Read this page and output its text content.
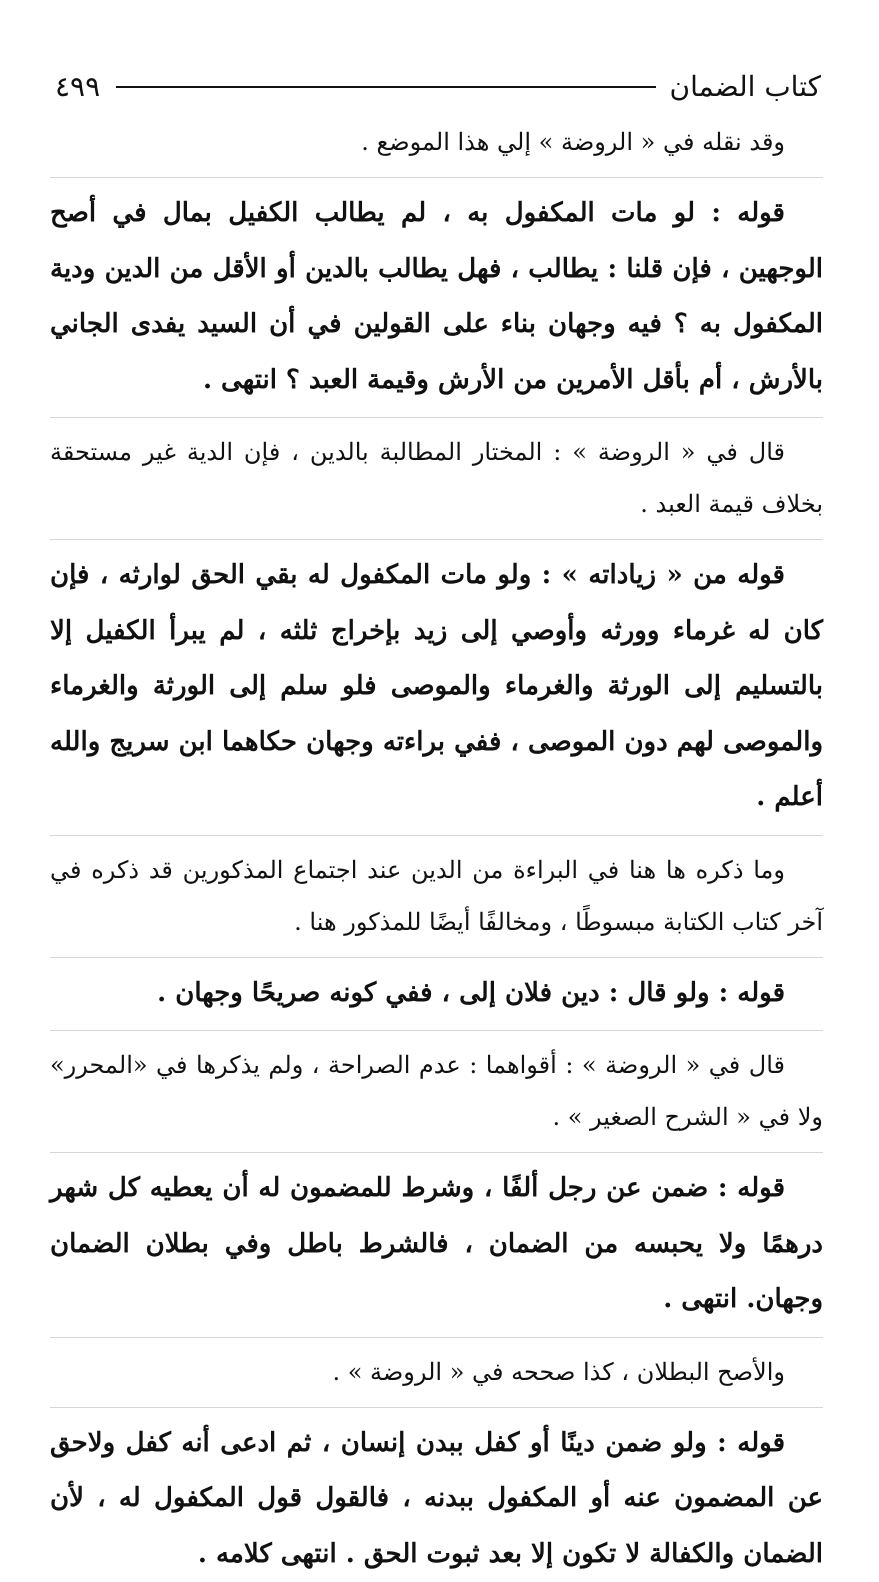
كتاب الضمان
٤٩٩

وقد نقله في « الروضة » إلي هذا الموضع .

قوله : لو مات المكفول به ، لم يطالب الكفيل بمال في أصح الوجهين ، فإن قلنا : يطالب ، فهل يطالب بالدين أو الأقل من الدين ودية المكفول به ؟ فيه وجهان بناء على القولين في أن السيد يفدى الجاني بالأرش ، أم بأقل الأمرين من الأرش وقيمة العبد ؟ انتهى .

قال في « الروضة » : المختار المطالبة بالدين ، فإن الدية غير مستحقة بخلاف قيمة العبد .

قوله من « زياداته » : ولو مات المكفول له بقي الحق لوارثه ، فإن كان له غرماء وورثه وأوصي إلى زيد بإخراج ثلثه ، لم يبرأ الكفيل إلا بالتسليم إلى الورثة والغرماء والموصى فلو سلم إلى الورثة والغرماء والموصى لهم دون الموصى ، ففي براءته وجهان حكاهما ابن سريج والله أعلم .

وما ذكره ها هنا في البراءة من الدين عند اجتماع المذكورين قد ذكره في آخر كتاب الكتابة مبسوطًا ، ومخالفًا أيضًا للمذكور هنا .

قوله : ولو قال : دين فلان إلى ، ففي كونه صريحًا وجهان .

قال في « الروضة » : أقواهما : عدم الصراحة ، ولم يذكرها في «المحرر» ولا في « الشرح الصغير » .

قوله : ضمن عن رجل ألفًا ، وشرط للمضمون له أن يعطيه كل شهر درهمًا ولا يحبسه من الضمان ، فالشرط باطل وفي بطلان الضمان وجهان. انتهى .

والأصح البطلان ، كذا صححه في « الروضة » .

قوله : ولو ضمن دينًا أو كفل ببدن إنسان ، ثم ادعى أنه كفل ولاحق عن المضمون عنه أو المكفول ببدنه ، فالقول قول المكفول له ، لأن الضمان والكفالة لا تكون إلا بعد ثبوت الحق . انتهى كلامه .
